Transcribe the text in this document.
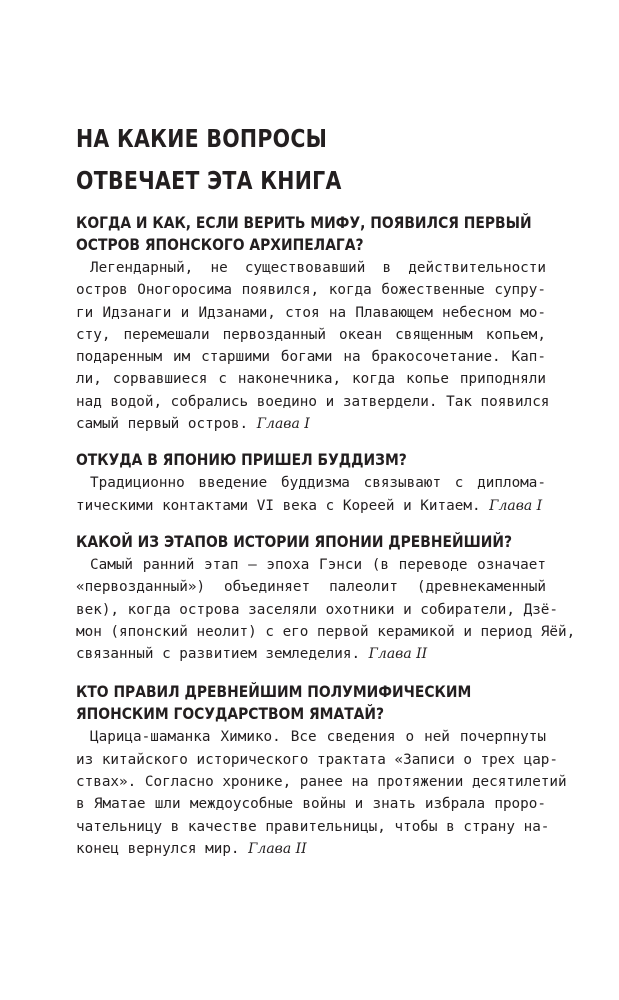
НА КАКИЕ ВОПРОСЫ
ОТВЕЧАЕТ ЭТА КНИГА
КОГДА И КАК, ЕСЛИ ВЕРИТЬ МИФУ, ПОЯВИЛСЯ ПЕРВЫЙ
ОСТРОВ ЯПОНСКОГО АРХИПЕЛАГА?
Легендарный, не существовавший в действительности
остров Оногоросима появился, когда божественные супру-
ги Идзанаги и Идзанами, стоя на Плавающем небесном мо-
сту, перемешали первозданный океан священным копьем,
подаренным им старшими богами на бракосочетание. Кап-
ли, сорвавшиеся с наконечника, когда копье приподняли
над водой, собрались воедино и затвердели. Так появился
самый первый остров. Глава I
ОТКУДА В ЯПОНИЮ ПРИШЕЛ БУДДИЗМ?
Традиционно введение буддизма связывают с диплома-
тическими контактами VI века с Кореей и Китаем. Глава I
КАКОЙ ИЗ ЭТАПОВ ИСТОРИИ ЯПОНИИ ДРЕВНЕЙШИЙ?
Самый ранний этап — эпоха Гэнси (в переводе означает
«первозданный») объединяет палеолит (древнекаменный
век), когда острова заселяли охотники и собиратели, Дзё-
мон (японский неолит) с его первой керамикой и период Яёй,
связанный с развитием земледелия. Глава II
КТО ПРАВИЛ ДРЕВНЕЙШИМ ПОЛУМИФИЧЕСКИМ
ЯПОНСКИМ ГОСУДАРСТВОМ ЯМАТАЙ?
Царица-шаманка Химико. Все сведения о ней почерпнуты
из китайского исторического трактата «Записи о трех цар-
ствах». Согласно хронике, ранее на протяжении десятилетий
в Яматае шли междоусобные войны и знать избрала проро-
чательницу в качестве правительницы, чтобы в страну на-
конец вернулся мир. Глава II
